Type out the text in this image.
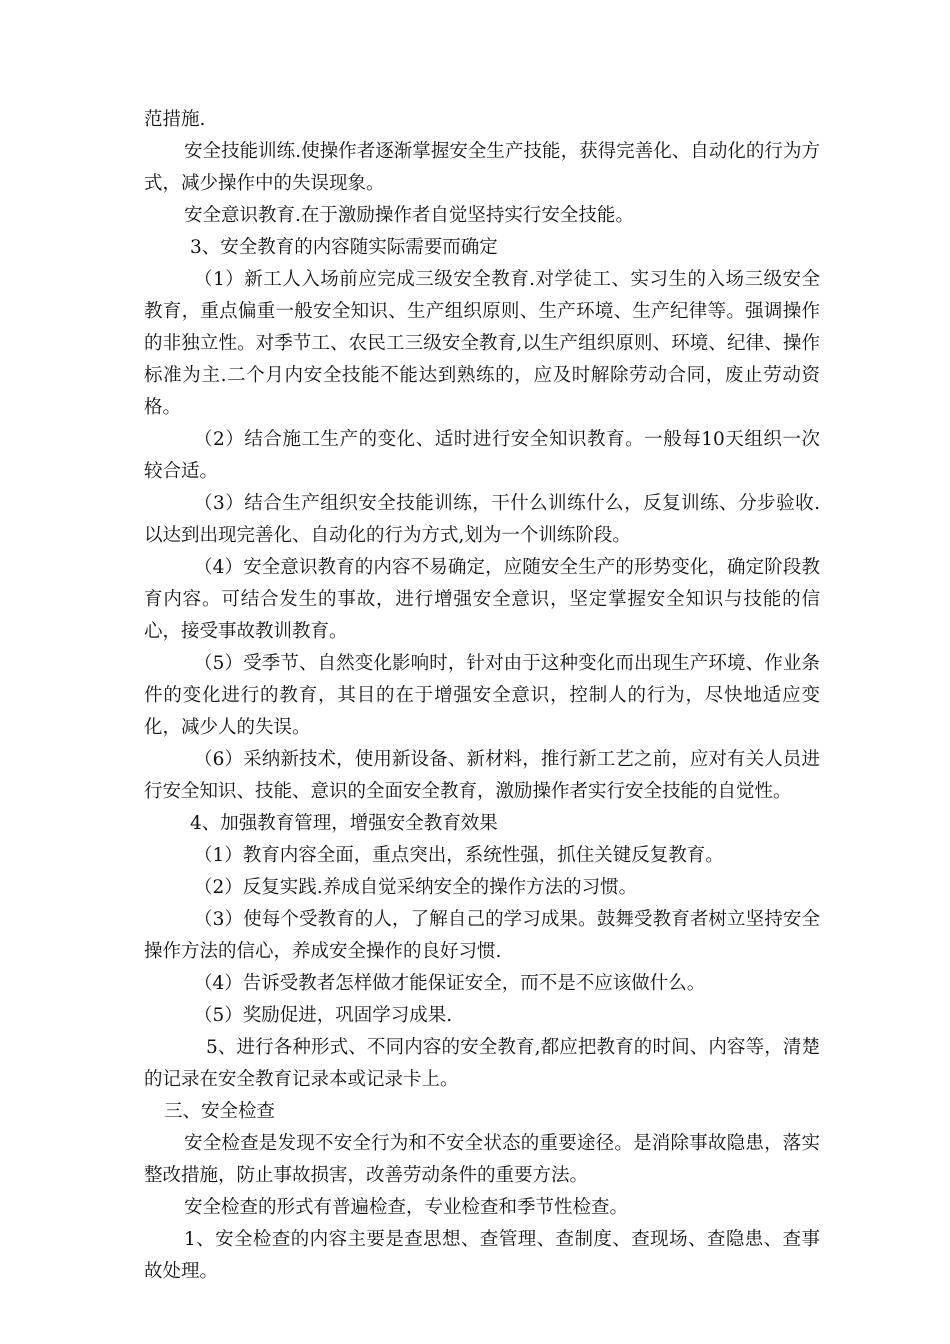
范措施.

安全技能训练.使操作者逐渐掌握安全生产技能，获得完善化、自动化的行为方式，减少操作中的失误现象。

安全意识教育.在于激励操作者自觉坚持实行安全技能。

3、安全教育的内容随实际需要而确定

（1）新工人入场前应完成三级安全教育.对学徒工、实习生的入场三级安全教育，重点偏重一般安全知识、生产组织原则、生产环境、生产纪律等。强调操作的非独立性。对季节工、农民工三级安全教育,以生产组织原则、环境、纪律、操作标准为主.二个月内安全技能不能达到熟练的，应及时解除劳动合同，废止劳动资格。

（2）结合施工生产的变化、适时进行安全知识教育。一般每10天组织一次较合适。

（3）结合生产组织安全技能训练，干什么训练什么，反复训练、分步验收.以达到出现完善化、自动化的行为方式,划为一个训练阶段。

（4）安全意识教育的内容不易确定，应随安全生产的形势变化，确定阶段教育内容。可结合发生的事故，进行增强安全意识，坚定掌握安全知识与技能的信心，接受事故教训教育。

（5）受季节、自然变化影响时，针对由于这种变化而出现生产环境、作业条件的变化进行的教育，其目的在于增强安全意识，控制人的行为，尽快地适应变化，减少人的失误。

（6）采纳新技术，使用新设备、新材料，推行新工艺之前，应对有关人员进行安全知识、技能、意识的全面安全教育，激励操作者实行安全技能的自觉性。

4、加强教育管理，增强安全教育效果

（1）教育内容全面，重点突出，系统性强，抓住关键反复教育。

（2）反复实践.养成自觉采纳安全的操作方法的习惯。

（3）使每个受教育的人，了解自己的学习成果。鼓舞受教育者树立坚持安全操作方法的信心，养成安全操作的良好习惯.

（4）告诉受教者怎样做才能保证安全，而不是不应该做什么。

（5）奖励促进，巩固学习成果.

5、进行各种形式、不同内容的安全教育,都应把教育的时间、内容等，清楚的记录在安全教育记录本或记录卡上。

三、安全检查

安全检查是发现不安全行为和不安全状态的重要途径。是消除事故隐患，落实整改措施，防止事故损害，改善劳动条件的重要方法。

安全检查的形式有普遍检查，专业检查和季节性检查。

1、安全检查的内容主要是查思想、查管理、查制度、查现场、查隐患、查事故处理。
